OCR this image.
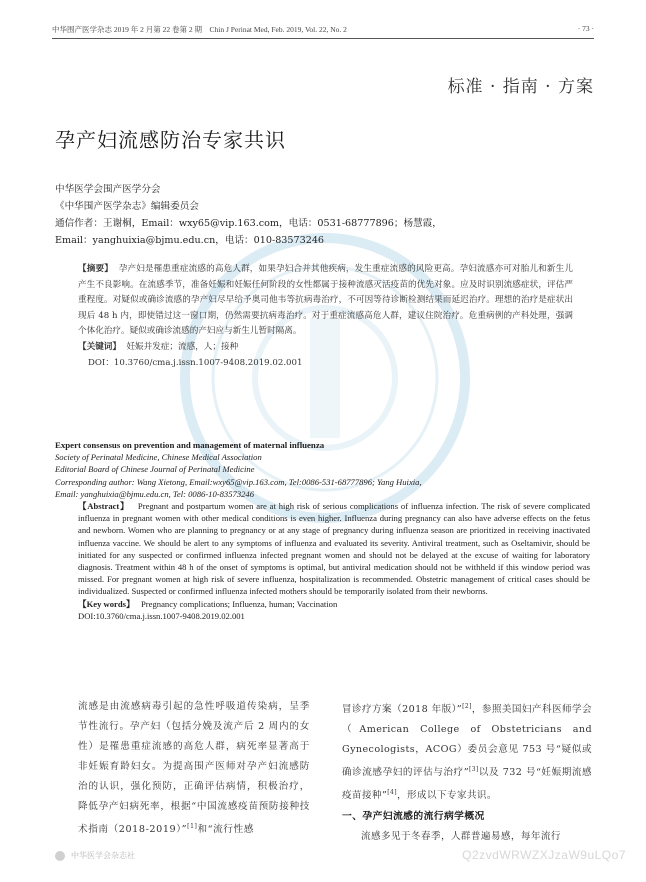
中华围产医学杂志 2019 年 2 月第 22 卷第 2 期　Chin J Perinat Med, Feb. 2019, Vol. 22, No. 2	· 73 ·
标准 · 指南 · 方案
孕产妇流感防治专家共识
中华医学会围产医学分会
《中华围产医学杂志》编辑委员会
通信作者：王谢桐，Email：wxy65@vip.163.com，电话：0531-68777896；杨慧霞，
Email：yanghuixia@bjmu.edu.cn，电话：010-83573246
【摘要】 孕产妇是罹患重症流感的高危人群，如果孕妇合并其他疾病，发生重症流感的风险更高。孕妇流感亦可对胎儿和新生儿产生不良影响。在流感季节，准备妊娠和妊娠任何阶段的女性都属于接种流感灭活疫苗的优先对象。应及时识别流感症状，评估严重程度。对疑似或确诊流感的孕产妇尽早给予奥司他韦等抗病毒治疗，不可因等待诊断检测结果而延迟治疗。理想的治疗是症状出现后 48 h 内，即使错过这一窗口期，仍然需要抗病毒治疗。对于重症流感高危人群，建议住院治疗。危重病例的产科处理，强调个体化治疗。疑似或确诊流感的产妇应与新生儿暂时隔离。
【关键词】 妊娠并发症；流感，人；接种
DOI：10.3760/cma.j.issn.1007-9408.2019.02.001
Expert consensus on prevention and management of maternal influenza
Society of Perinatal Medicine, Chinese Medical Association
Editorial Board of Chinese Journal of Perinatal Medicine
Corresponding author: Wang Xietong, Email:wxy65@vip.163.com, Tel:0086-531-68777896; Yang Huixia,
Email: yanghuixia@bjmu.edu.cn, Tel: 0086-10-83573246
【Abstract】 Pregnant and postpartum women are at high risk of serious complications of influenza infection. The risk of severe complicated influenza in pregnant women with other medical conditions is even higher. Influenza during pregnancy can also have adverse effects on the fetus and newborn. Women who are planning to pregnancy or at any stage of pregnancy during influenza season are prioritized in receiving inactivated influenza vaccine. We should be alert to any symptoms of influenza and evaluated its severity. Antiviral treatment, such as Oseltamivir, should be initiated for any suspected or confirmed influenza infected pregnant women and should not be delayed at the excuse of waiting for laboratory diagnosis. Treatment within 48 h of the onset of symptoms is optimal, but antiviral medication should not be withheld if this window period was missed. For pregnant women at high risk of severe influenza, hospitalization is recommended. Obstetric management of critical cases should be individualized. Suspected or confirmed influenza infected mothers should be temporarily isolated from their newborns.
【Key words】 Pregnancy complications; Influenza, human; Vaccination
DOI:10.3760/cma.j.issn.1007-9408.2019.02.001
流感是由流感病毒引起的急性呼吸道传染病，呈季节性流行。孕产妇（包括分娩及流产后 2 周内的女性）是罹患重症流感的高危人群，病死率显著高于非妊娠育龄妇女。为提高围产医师对孕产妇流感防治的认识，强化预防，正确评估病情，积极治疗，降低孕产妇病死率，根据“中国流感疫苗预防接种技术指南（2018-2019）”[1]和“流行性感
冒诊疗方案（2018 年版）”[2]，参照美国妇产科医师学会（American College of Obstetricians and Gynecologists，ACOG）委员会意见 753 号“疑似或确诊流感孕妇的评估与治疗”[3]以及 732 号“妊娠期流感疫苗接种”[4]，形成以下专家共识。
一、孕产妇流感的流行病学概况
流感多见于冬春季，人群普遍易感，每年流行
中华医学会杂志社	Q2zvdWRWZXJzaW9uLQo7
